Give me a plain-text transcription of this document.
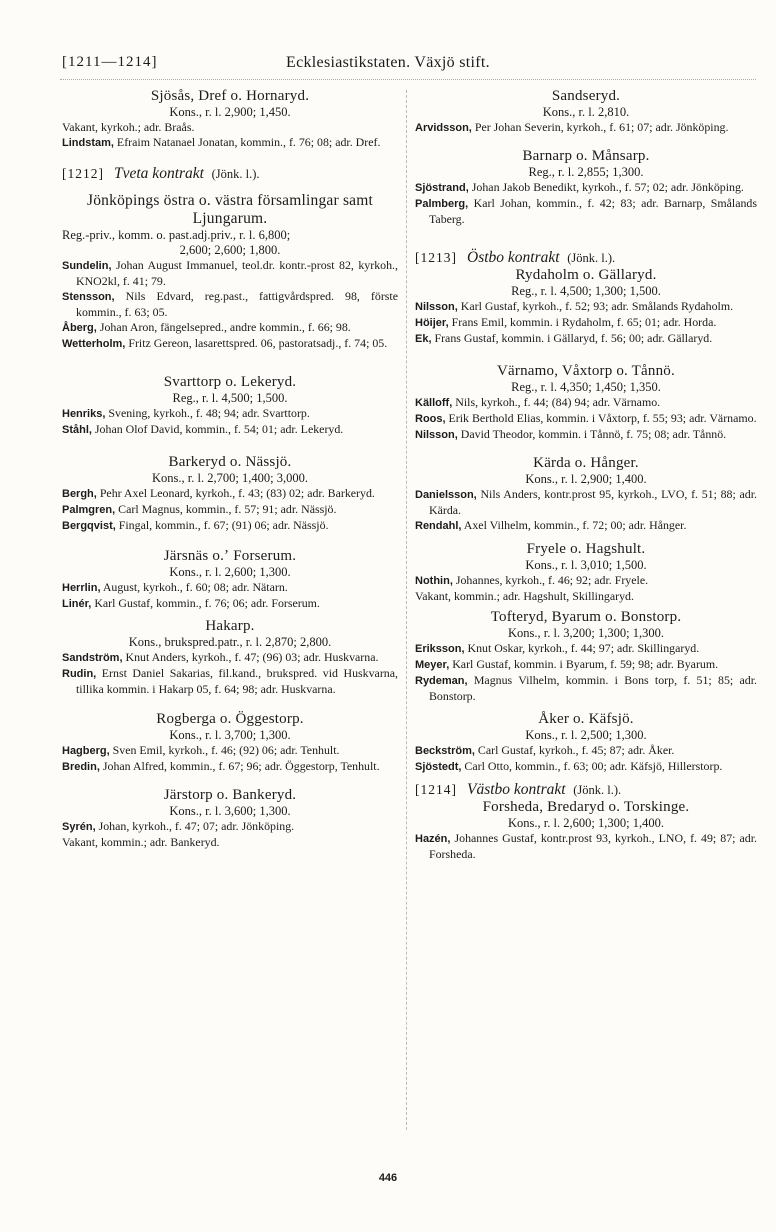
[1211—1214]	Ecklesiastikstaten. Växjö stift.
Sjösås, Dref o. Hornaryd.
Kons., r. l. 2,900; 1,450.
Vakant, kyrkoh.; adr. Braås.
Lindstam, Efraim Natanael Jonatan, kommin., f. 76; 08; adr. Dref.
[1212] Tveta kontrakt (Jönk. l.).
Jönköpings östra o. västra församlingar samt Ljungarum.
Reg.-priv., komm. o. past.adj.priv., r. l. 6,800;
2,600; 2,600; 1,800.
Sundelin, Johan August Immanuel, teol.dr. kontr.-prost 82, kyrkoh., KNO2kl, f. 41; 79.
Stensson, Nils Edvard, reg.past., fattigvårdspred. 98, förste kommin., f. 63; 05.
Åberg, Johan Aron, fängelsepred., andre kommin., f. 66; 98.
Wetterholm, Fritz Gereon, lasarettspred. 06, pastoratsadj., f. 74; 05.
Svarttorp o. Lekeryd.
Reg., r. l. 4,500; 1,500.
Henriks, Svening, kyrkoh., f. 48; 94; adr. Svarttorp.
Ståhl, Johan Olof David, kommin., f. 54; 01; adr. Lekeryd.
Barkeryd o. Nässjö.
Kons., r. l. 2,700; 1,400; 3,000.
Bergh, Pehr Axel Leonard, kyrkoh., f. 43; (83) 02; adr. Barkeryd.
Palmgren, Carl Magnus, kommin., f. 57; 91; adr. Nässjö.
Bergqvist, Fingal, kommin., f. 67; (91) 06; adr. Nässjö.
Järsnäs o.ʼ Forserum.
Kons., r. l. 2,600; 1,300.
Herrlin, August, kyrkoh., f. 60; 08; adr. Nätarn.
Linér, Karl Gustaf, kommin., f. 76; 06; adr. Forserum.
Hakarp.
Kons., brukspred.patr., r. l. 2,870; 2,800.
Sandström, Knut Anders, kyrkoh., f. 47; (96) 03; adr. Huskvarna.
Rudin, Ernst Daniel Sakarias, fil.kand., brukspred. vid Huskvarna, tillika kommin. i Hakarp 05, f. 64; 98; adr. Huskvarna.
Rogberga o. Öggestorp.
Kons., r. l. 3,700; 1,300.
Hagberg, Sven Emil, kyrkoh., f. 46; (92) 06; adr. Tenhult.
Bredin, Johan Alfred, kommin., f. 67; 96; adr. Öggestorp, Tenhult.
Järstorp o. Bankeryd.
Kons., r. l. 3,600; 1,300.
Syrén, Johan, kyrkoh., f. 47; 07; adr. Jönköping.
Vakant, kommin.; adr. Bankeryd.
Sandseryd.
Kons., r. l. 2,810.
Arvidsson, Per Johan Severin, kyrkoh., f. 61; 07; adr. Jönköping.
Barnarp o. Månsarp.
Reg., r. l. 2,855; 1,300.
Sjöstrand, Johan Jakob Benedikt, kyrkoh., f. 57; 02; adr. Jönköping.
Palmberg, Karl Johan, kommin., f. 42; 83; adr. Barnarp, Smålands Taberg.
[1213] Östbo kontrakt (Jönk. l.).
Rydaholm o. Gällaryd.
Reg., r. l. 4,500; 1,300; 1,500.
Nilsson, Karl Gustaf, kyrkoh., f. 52; 93; adr. Smålands Rydaholm.
Höijer, Frans Emil, kommin. i Rydaholm, f. 65; 01; adr. Horda.
Ek, Frans Gustaf, kommin. i Gällaryd, f. 56; 00; adr. Gällaryd.
Värnamo, Våxtorp o. Tånnö.
Reg., r. l. 4,350; 1,450; 1,350.
Källoff, Nils, kyrkoh., f. 44; (84) 94; adr. Värnamo.
Roos, Erik Berthold Elias, kommin. i Våxtorp, f. 55; 93; adr. Värnamo.
Nilsson, David Theodor, kommin. i Tånnö, f. 75; 08; adr. Tånnö.
Kärda o. Hånger.
Kons., r. l. 2,900; 1,400.
Danielsson, Nils Anders, kontr.prost 95, kyrkoh., LVO, f. 51; 88; adr. Kärda.
Rendahl, Axel Vilhelm, kommin., f. 72; 00; adr. Hånger.
Fryele o. Hagshult.
Kons., r. l. 3,010; 1,500.
Nothin, Johannes, kyrkoh., f. 46; 92; adr. Fryele.
Vakant, kommin.; adr. Hagshult, Skillingaryd.
Tofteryd, Byarum o. Bonstorp.
Kons., r. l. 3,200; 1,300; 1,300.
Eriksson, Knut Oskar, kyrkoh., f. 44; 97; adr. Skillingaryd.
Meyer, Karl Gustaf, kommin. i Byarum, f. 59; 98; adr. Byarum.
Rydeman, Magnus Vilhelm, kommin. i Bons torp, f. 51; 85; adr. Bonstorp.
Åker o. Käfsjö.
Kons., r. l. 2,500; 1,300.
Beckström, Carl Gustaf, kyrkoh., f. 45; 87; adr. Åker.
Sjöstedt, Carl Otto, kommin., f. 63; 00; adr. Käfsjö, Hillerstorp.
[1214] Västbo kontrakt (Jönk. l.).
Forsheda, Bredaryd o. Torskinge.
Kons., r. l. 2,600; 1,300; 1,400.
Hazén, Johannes Gustaf, kontr.prost 93, kyrkoh., LNO, f. 49; 87; adr. Forsheda.
446
